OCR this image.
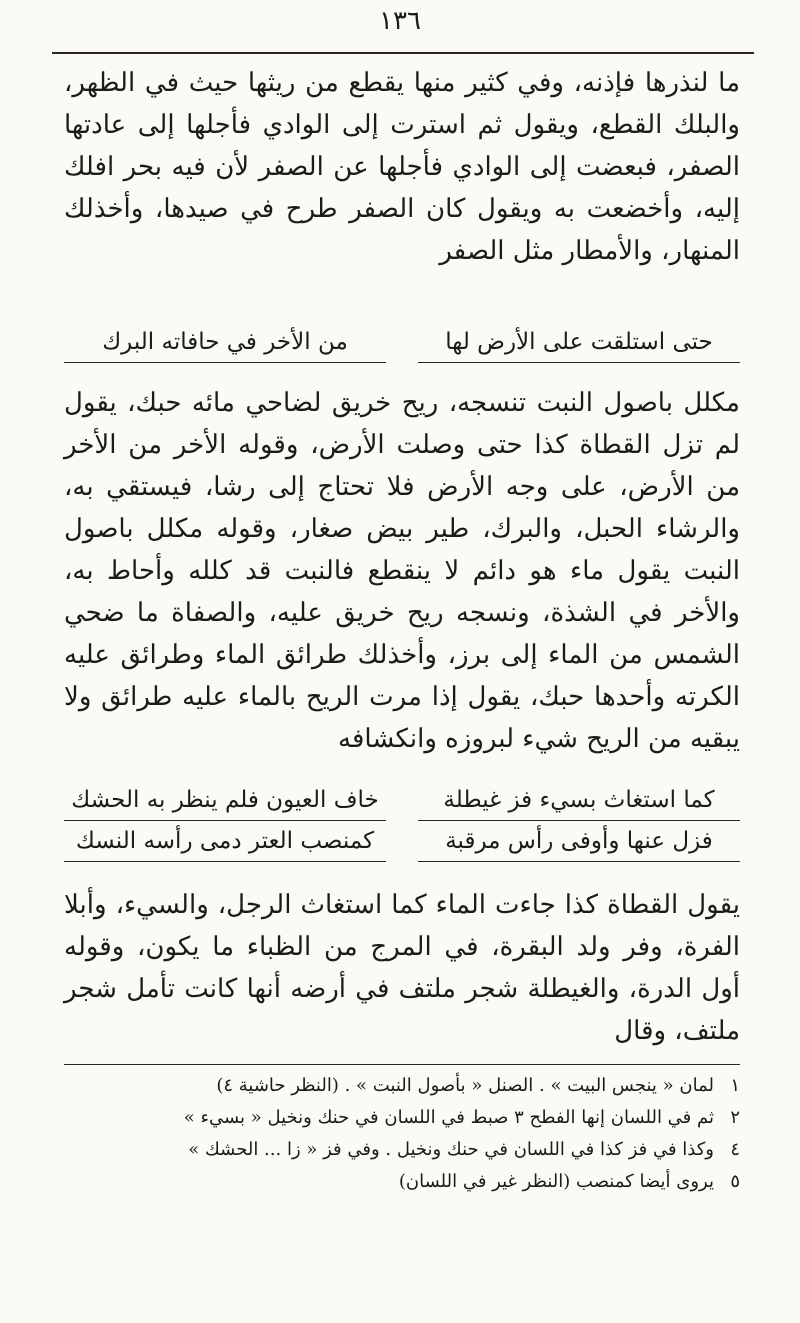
١٣٦

ما لنذرها فإذنه، وفي كثير منها يقطع من ريثها حيث في الظهر، والبلك القطع، ويقول ثم استرت إلى الوادي فأجلها إلى عادتها الصفر، فبعضت إلى الوادي فأجلها عن الصفر لأن فيه بحر افلك إليه، وأخضعت به ويقول كان الصفر طرح في صيدها، وأخذلك المنهار، والأمطار مثل الصفر

حتى استلقت على الأرض لها
من الأخر في حافاته البرك

مكلل باصول النبت تنسجه، ريح خريق لضاحي مائه حبك، يقول لم تزل القطاة كذا حتى وصلت الأرض، وقوله الأخر من الأخر من الأرض، على وجه الأرض فلا تحتاج إلى رشا، فيستقي به، والرشاء الحبل، والبرك، طير بيض صغار، وقوله مكلل باصول النبت يقول ماء هو دائم لا ينقطع فالنبت قد كلله وأحاط به، والأخر في الشذة، ونسجه ريح خريق عليه، والصفاة ما ضحي الشمس من الماء إلى برز، وأخذلك طرائق الماء وطرائق عليه الكرته وأحدها حبك، يقول إذا مرت الريح بالماء عليه طرائق ولا يبقيه من الريح شيء لبروزه وانكشافه

كما استغاث بسيء فز غيطلة
خاف العيون فلم ينظر به الحشك
فزل عنها وأوفى رأس مرقبة
كمنصب العتر دمى رأسه النسك

يقول القطاة كذا جاءت الماء كما استغاث الرجل، والسيء، وأبلا الفرة، وفر ولد البقرة، في المرج من الظباء ما يكون، وقوله أول الدرة، والغيطلة شجر ملتف في أرضه أنها كانت تأمل شجر ملتف، وقال

١
لمان « ينجس البيت » . الصنل « بأصول النبت » . (النظر حاشية ٤)
٢
ثم في اللسان إنها الفطح ٣ صبط في اللسان في حنك ونخيل « بسيء »
٤
وكذا في فز كذا في اللسان في حنك ونخيل . وفي فز « زا ... الحشك »
٥
يروى أيضا كمنصب (النظر غير في اللسان)
